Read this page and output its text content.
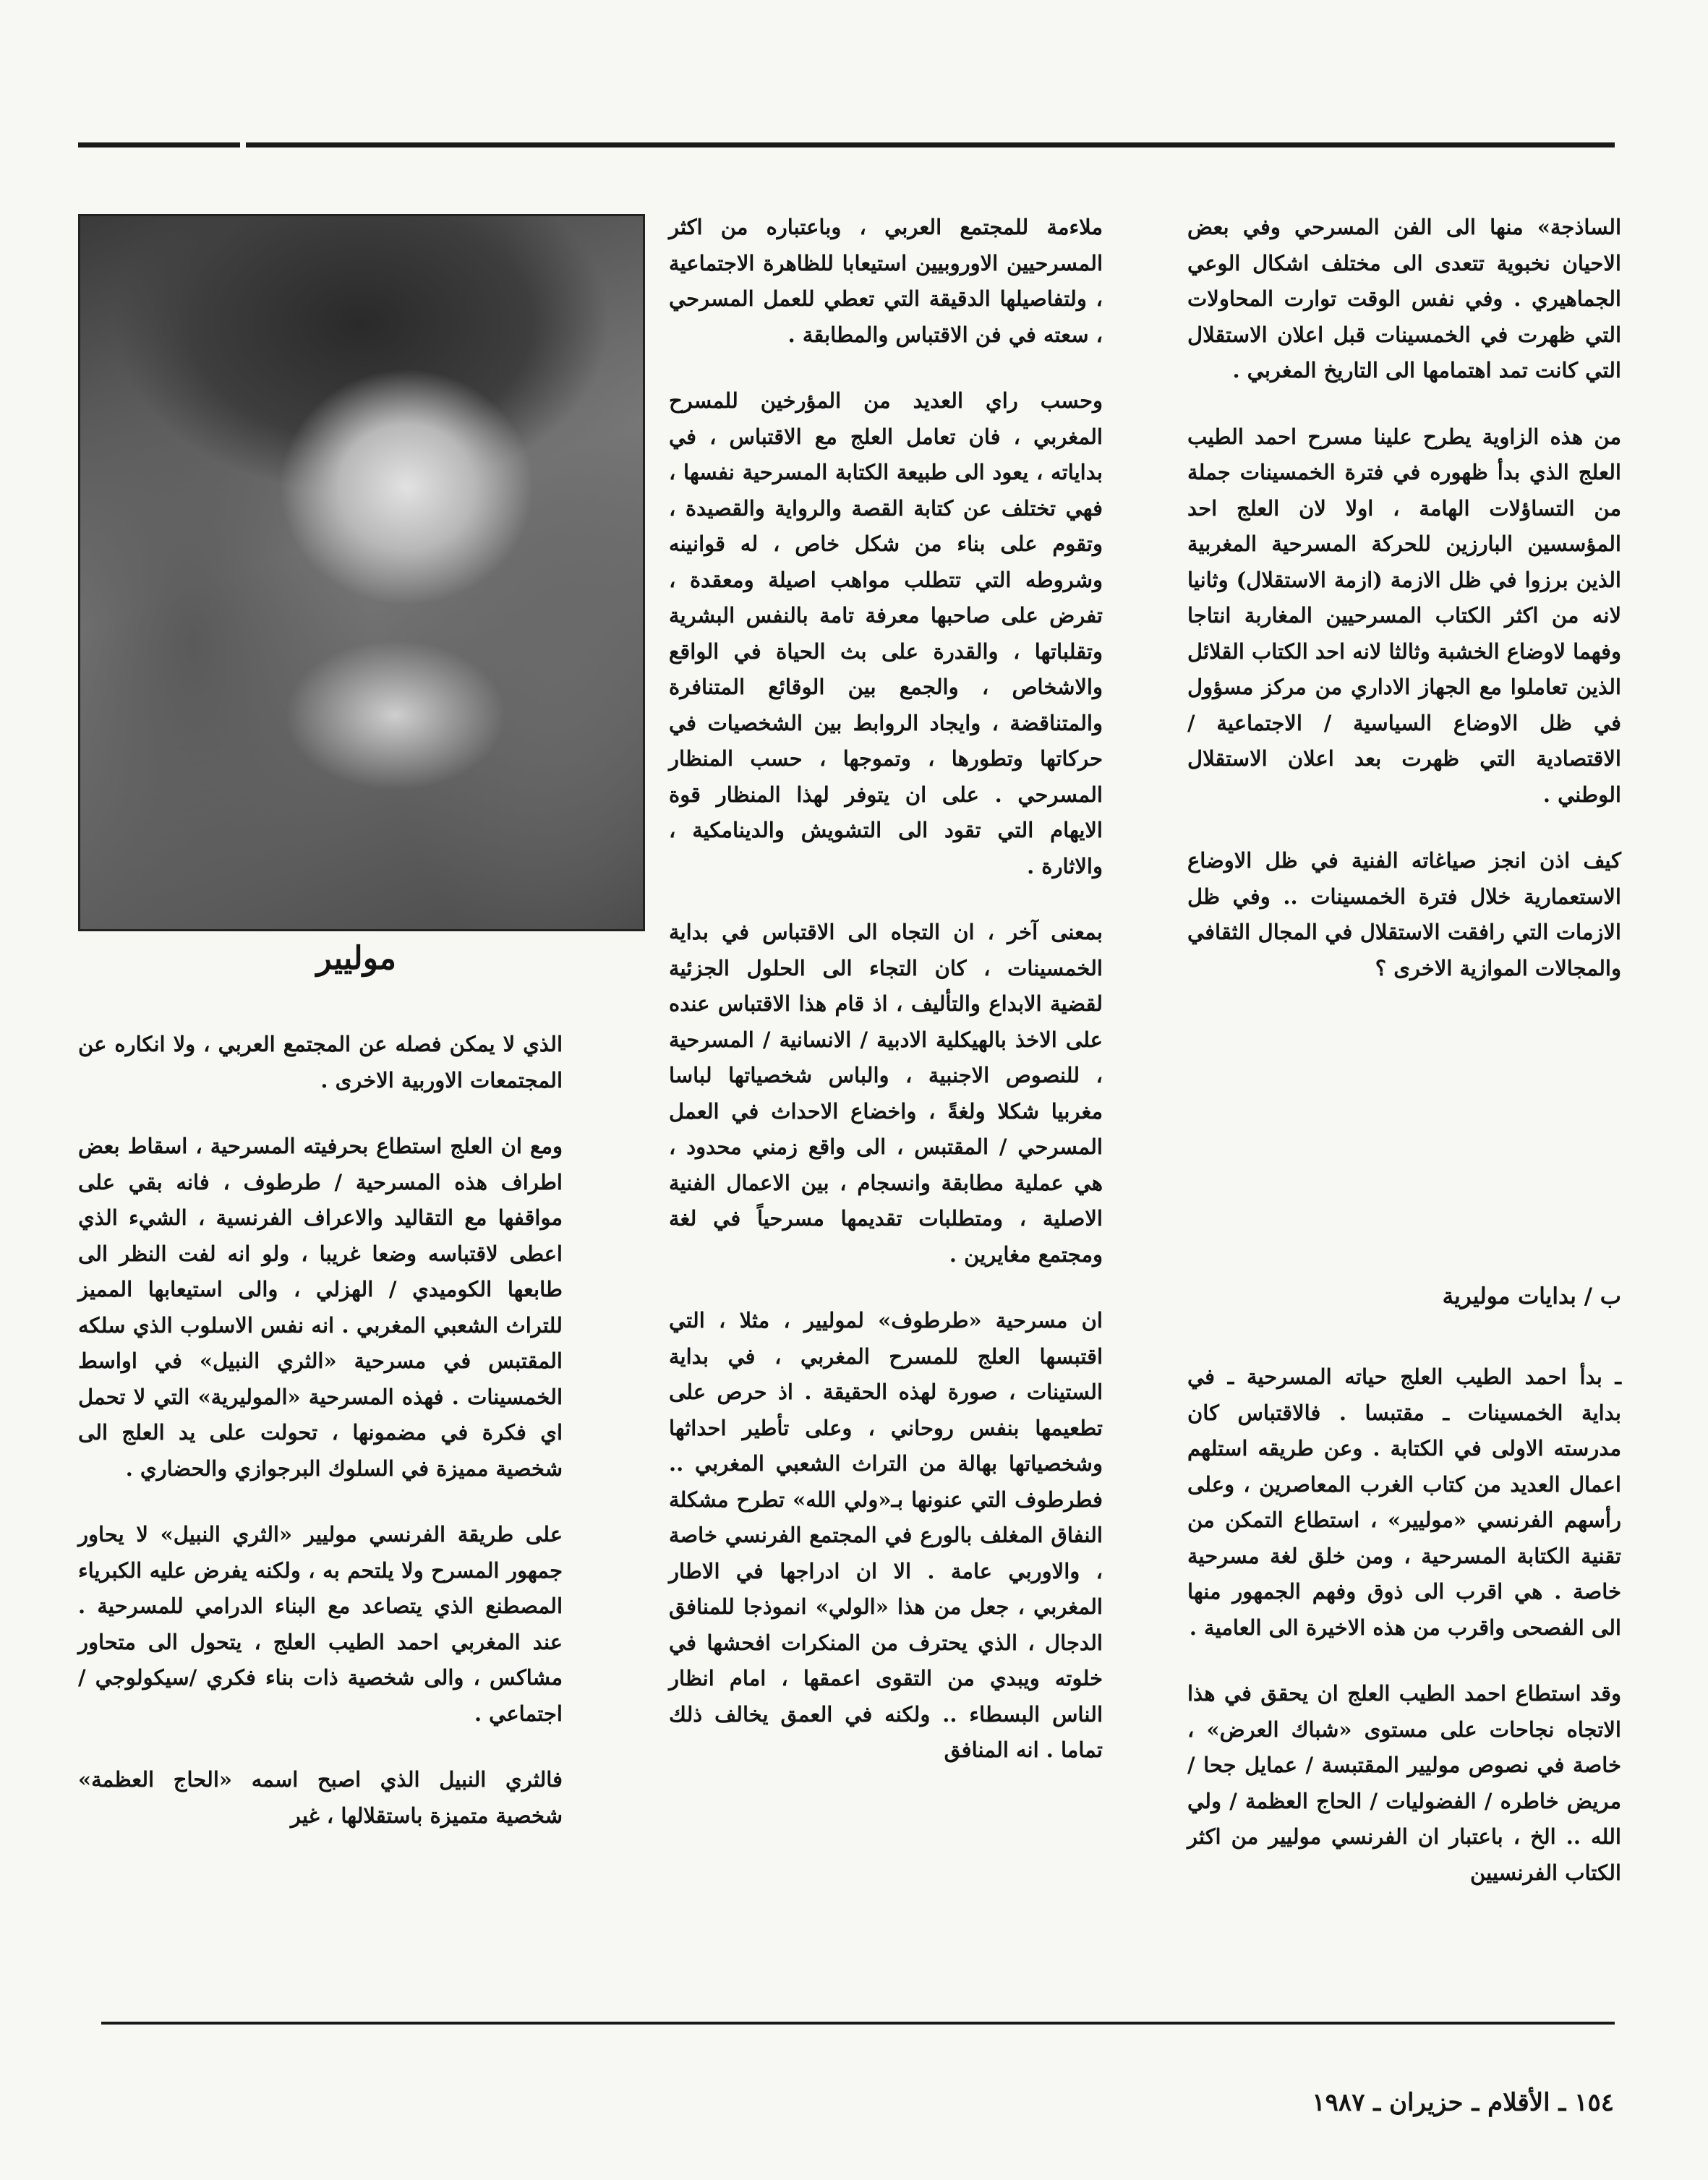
الساذجة» منها الى الفن المسرحي وفي بعض الاحيان نخبوية تتعدى الى مختلف اشكال الوعي الجماهيري . وفي نفس الوقت توارت المحاولات التي ظهرت في الخمسينات قبل اعلان الاستقلال التي كانت تمد اهتمامها الى التاريخ المغربي .

من هذه الزاوية يطرح علينا مسرح احمد الطيب العلج الذي بدأ ظهوره في فترة الخمسينات جملة من التساؤلات الهامة ، اولا لان العلج احد المؤسسين البارزين للحركة المسرحية المغربية الذين برزوا في ظل الازمة (ازمة الاستقلال) وثانيا لانه من اكثر الكتاب المسرحيين المغاربة انتاجا وفهما لاوضاع الخشبة وثالثا لانه احد الكتاب القلائل الذين تعاملوا مع الجهاز الاداري من مركز مسؤول في ظل الاوضاع السياسية / الاجتماعية / الاقتصادية التي ظهرت بعد اعلان الاستقلال الوطني .

كيف اذن انجز صياغاته الفنية في ظل الاوضاع الاستعمارية خلال فترة الخمسينات .. وفي ظل الازمات التي رافقت الاستقلال في المجال الثقافي والمجالات الموازية الاخرى ؟

ب / بدايات موليرية

ـ بدأ احمد الطيب العلج حياته المسرحية ـ في بداية الخمسينات ـ مقتبسا . فالاقتباس كان مدرسته الاولى في الكتابة . وعن طريقه استلهم اعمال العديد من كتاب الغرب المعاصرين ، وعلى رأسهم الفرنسي «موليير» ، استطاع التمكن من تقنية الكتابة المسرحية ، ومن خلق لغة مسرحية خاصة . هي اقرب الى ذوق وفهم الجمهور منها الى الفصحى واقرب من هذه الاخيرة الى العامية .

وقد استطاع احمد الطيب العلج ان يحقق في هذا الاتجاه نجاحات على مستوى «شباك العرض» ، خاصة في نصوص موليير المقتبسة / عمايل جحا / مريض خاطره / الفضوليات / الحاج العظمة / ولي الله .. الخ ، باعتبار ان الفرنسي موليير من اكثر الكتاب الفرنسيين

ملاءمة للمجتمع العربي ، وباعتباره من اكثر المسرحيين الاوروبيين استيعابا للظاهرة الاجتماعية ، ولتفاصيلها الدقيقة التي تعطي للعمل المسرحي ، سعته في فن الاقتباس والمطابقة .

وحسب راي العديد من المؤرخين للمسرح المغربي ، فان تعامل العلج مع الاقتباس ، في بداياته ، يعود الى طبيعة الكتابة المسرحية نفسها ، فهي تختلف عن كتابة القصة والرواية والقصيدة ، وتقوم على بناء من شكل خاص ، له قوانينه وشروطه التي تتطلب مواهب اصيلة ومعقدة ، تفرض على صاحبها معرفة تامة بالنفس البشرية وتقلباتها ، والقدرة على بث الحياة في الواقع والاشخاص ، والجمع بين الوقائع المتنافرة والمتناقضة ، وايجاد الروابط بين الشخصيات في حركاتها وتطورها ، وتموجها ، حسب المنظار المسرحي . على ان يتوفر لهذا المنظار قوة الايهام التي تقود الى التشويش والدينامكية ، والاثارة .

بمعنى آخر ، ان التجاه الى الاقتباس في بداية الخمسينات ، كان التجاء الى الحلول الجزئية لقضية الابداع والتأليف ، اذ قام هذا الاقتباس عنده على الاخذ بالهيكلية الادبية / الانسانية / المسرحية ، للنصوص الاجنبية ، والباس شخصياتها لباسا مغربيا شكلا ولغةً ، واخضاع الاحداث في العمل المسرحي / المقتبس ، الى واقع زمني محدود ، هي عملية مطابقة وانسجام ، بين الاعمال الفنية الاصلية ، ومتطلبات تقديمها مسرحياً في لغة ومجتمع مغايرين .

ان مسرحية «طرطوف» لموليير ، مثلا ، التي اقتبسها العلج للمسرح المغربي ، في بداية الستينات ، صورة لهذه الحقيقة . اذ حرص على تطعيمها بنفس روحاني ، وعلى تأطير احداثها وشخصياتها بهالة من التراث الشعبي المغربي .. فطرطوف التي عنونها بـ«ولي الله» تطرح مشكلة النفاق المغلف بالورع في المجتمع الفرنسي خاصة ، والاوربي عامة . الا ان ادراجها في الاطار المغربي ، جعل من هذا «الولي» انموذجا للمنافق الدجال ، الذي يحترف من المنكرات افحشها في خلوته ويبدي من التقوى اعمقها ، امام انظار الناس البسطاء .. ولكنه في العمق يخالف ذلك تماما . انه المنافق

موليير

الذي لا يمكن فصله عن المجتمع العربي ، ولا انكاره عن المجتمعات الاوربية الاخرى .

ومع ان العلج استطاع بحرفيته المسرحية ، اسقاط بعض اطراف هذه المسرحية / طرطوف ، فانه بقي على مواقفها مع التقاليد والاعراف الفرنسية ، الشيء الذي اعطى لاقتباسه وضعا غريبا ، ولو انه لفت النظر الى طابعها الكوميدي / الهزلي ، والى استيعابها المميز للتراث الشعبي المغربي . انه نفس الاسلوب الذي سلكه المقتبس في مسرحية «الثري النبيل» في اواسط الخمسينات . فهذه المسرحية «الموليرية» التي لا تحمل اي فكرة في مضمونها ، تحولت على يد العلج الى شخصية مميزة في السلوك البرجوازي والحضاري .

على طريقة الفرنسي موليير «الثري النبيل» لا يحاور جمهور المسرح ولا يلتحم به ، ولكنه يفرض عليه الكبرياء المصطنع الذي يتصاعد مع البناء الدرامي للمسرحية . عند المغربي احمد الطيب العلج ، يتحول الى متحاور مشاكس ، والى شخصية ذات بناء فكري /سيكولوجي / اجتماعي .

فالثري النبيل الذي اصبح اسمه «الحاج العظمة» شخصية متميزة باستقلالها ، غير

١٥٤ ـ الأقلام ـ حزيران ـ ١٩٨٧
